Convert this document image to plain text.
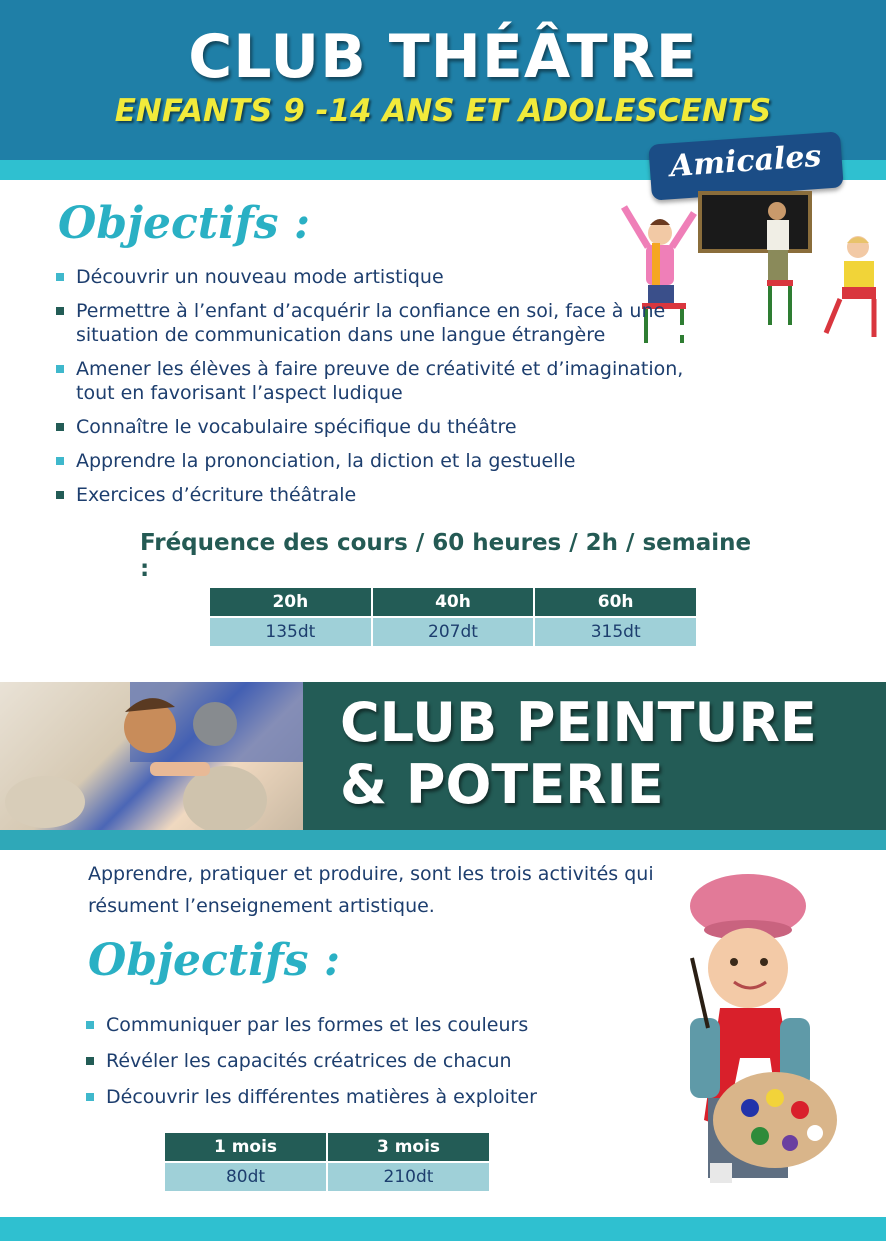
CLUB THÉÂTRE
ENFANTS 9 -14 ANS ET ADOLESCENTS
Amicales
Objectifs :
Découvrir un nouveau mode artistique
Permettre à l’enfant d’acquérir la confiance en soi, face à une situation de communication dans une langue étrangère
Amener les élèves à faire preuve de créativité et d’imagination, tout en favorisant l’aspect ludique
Connaître le vocabulaire spécifique du théâtre
Apprendre la prononciation, la diction et la gestuelle
Exercices d’écriture théâtrale
Fréquence des cours / 60 heures / 2h / semaine :
20h	40h	60h
135dt	207dt	315dt
CLUB PEINTURE
& POTERIE
Apprendre, pratiquer et produire, sont les trois activités qui résument l’enseignement artistique.
Objectifs :
Communiquer par les formes et les couleurs
Révéler les capacités créatrices de chacun
Découvrir les différentes matières à exploiter
1 mois	3 mois
80dt	210dt
